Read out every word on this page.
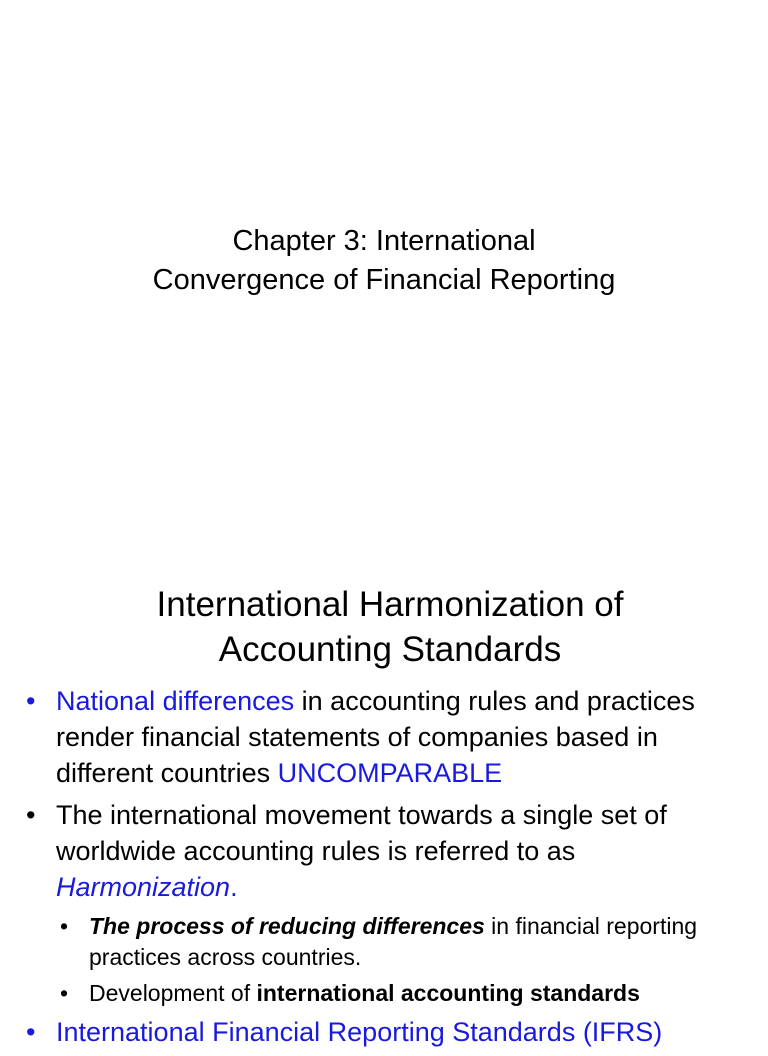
Chapter 3: International
Convergence of Financial Reporting
International Harmonization of
Accounting Standards
• National differences in accounting rules and practices render financial statements of companies based in different countries UNCOMPARABLE
• The international movement towards a single set of worldwide accounting rules is referred to as Harmonization.
• The process of reducing differences in financial reporting practices across countries.
• Development of international accounting standards
• International Financial Reporting Standards (IFRS)
